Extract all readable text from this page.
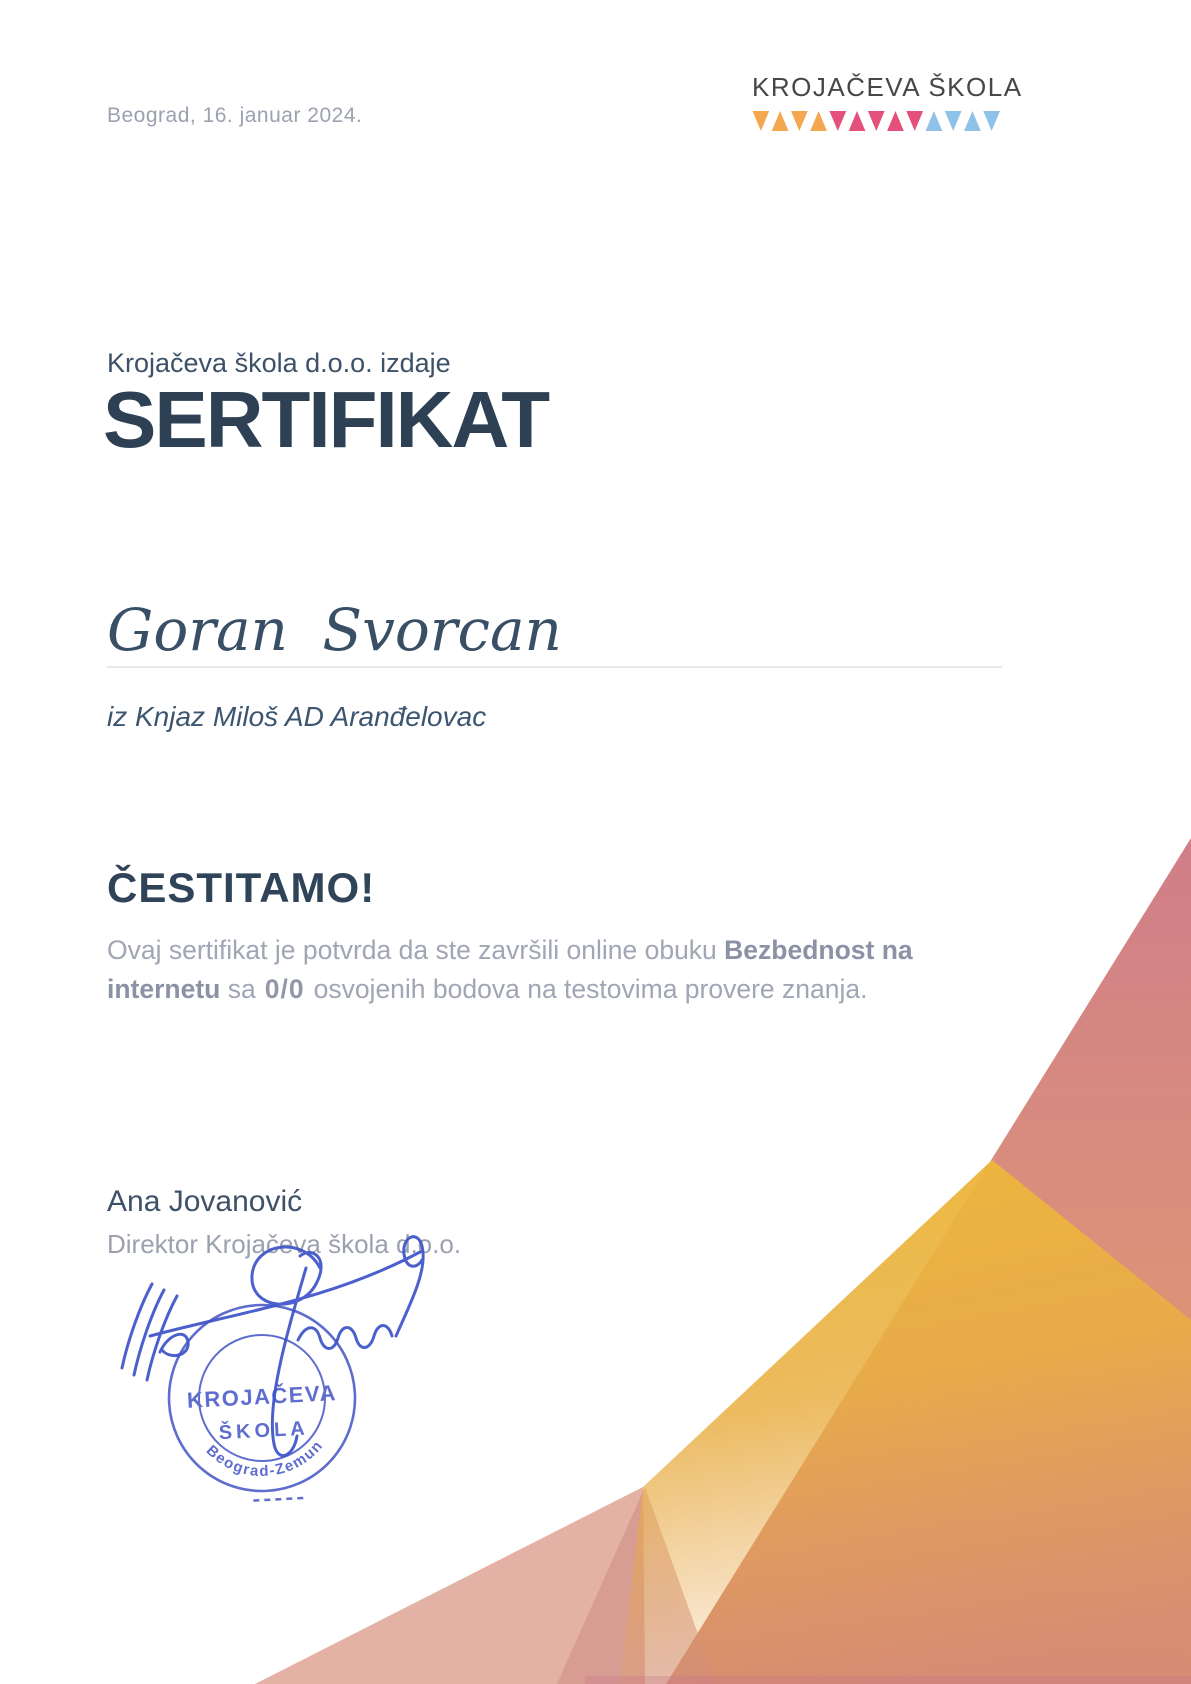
Beograd, 16. januar 2024.
KROJAČEVA ŠKOLA
Krojačeva škola d.o.o. izdaje
SERTIFIKAT
Goran Svorcan
iz Knjaz Miloš AD Aranđelovac
ČESTITAMO!
Ovaj sertifikat je potvrda da ste završili online obuku Bezbednost na internetu sa 0/0 osvojenih bodova na testovima provere znanja.
Ana Jovanović
Direktor Krojačeva škola d.o.o.
KROJAČEVA
ŠKOLA
Beograd-Zemun
